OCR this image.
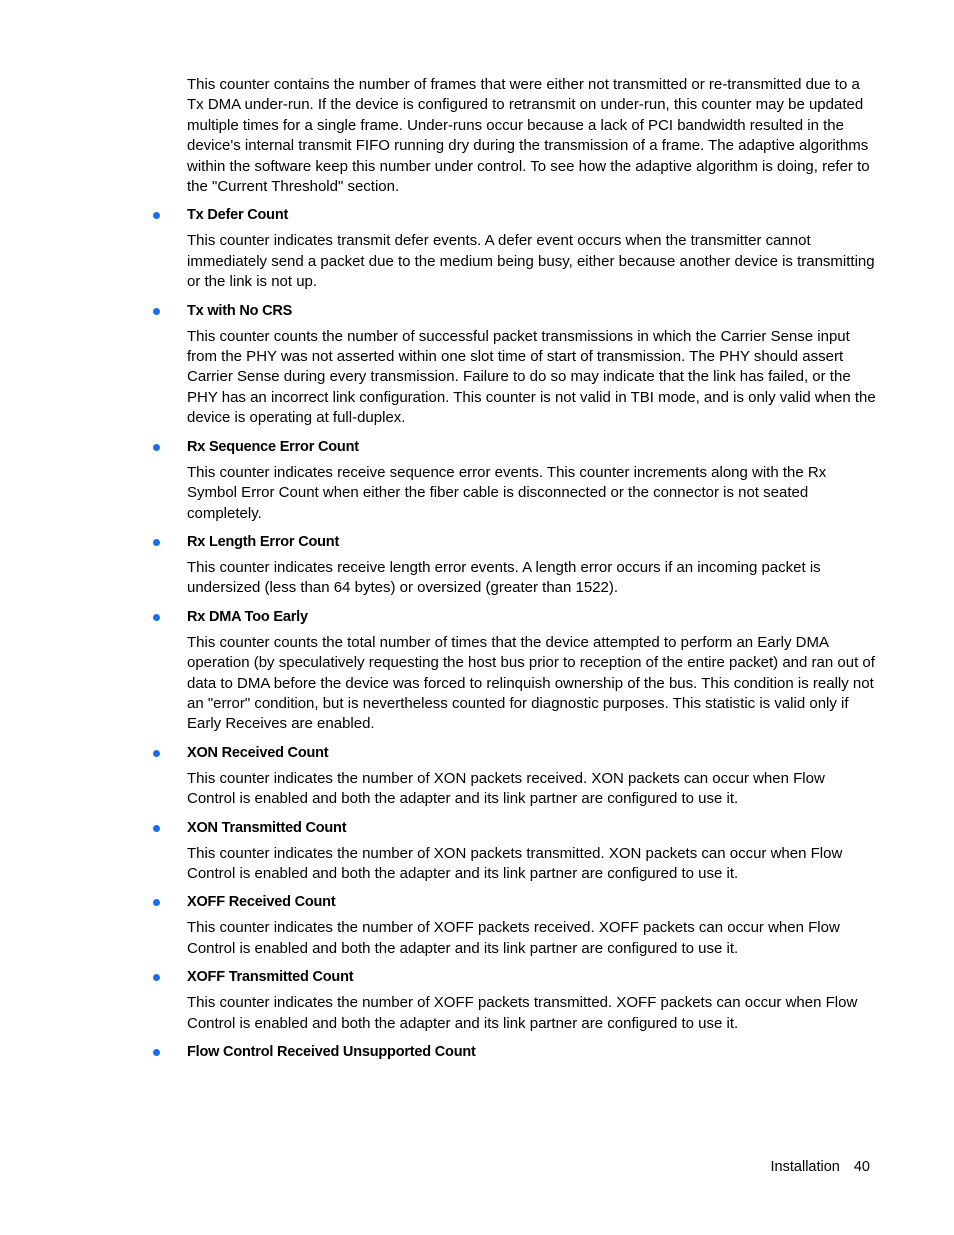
This counter contains the number of frames that were either not transmitted or re-transmitted due to a Tx DMA under-run. If the device is configured to retransmit on under-run, this counter may be updated multiple times for a single frame. Under-runs occur because a lack of PCI bandwidth resulted in the device's internal transmit FIFO running dry during the transmission of a frame. The adaptive algorithms within the software keep this number under control. To see how the adaptive algorithm is doing, refer to the "Current Threshold" section.

Tx Defer Count

This counter indicates transmit defer events. A defer event occurs when the transmitter cannot immediately send a packet due to the medium being busy, either because another device is transmitting or the link is not up.

Tx with No CRS

This counter counts the number of successful packet transmissions in which the Carrier Sense input from the PHY was not asserted within one slot time of start of transmission. The PHY should assert Carrier Sense during every transmission. Failure to do so may indicate that the link has failed, or the PHY has an incorrect link configuration. This counter is not valid in TBI mode, and is only valid when the device is operating at full-duplex.

Rx Sequence Error Count

This counter indicates receive sequence error events. This counter increments along with the Rx Symbol Error Count when either the fiber cable is disconnected or the connector is not seated completely.

Rx Length Error Count

This counter indicates receive length error events. A length error occurs if an incoming packet is undersized (less than 64 bytes) or oversized (greater than 1522).

Rx DMA Too Early

This counter counts the total number of times that the device attempted to perform an Early DMA operation (by speculatively requesting the host bus prior to reception of the entire packet) and ran out of data to DMA before the device was forced to relinquish ownership of the bus. This condition is really not an "error" condition, but is nevertheless counted for diagnostic purposes. This statistic is valid only if Early Receives are enabled.

XON Received Count

This counter indicates the number of XON packets received. XON packets can occur when Flow Control is enabled and both the adapter and its link partner are configured to use it.

XON Transmitted Count

This counter indicates the number of XON packets transmitted. XON packets can occur when Flow Control is enabled and both the adapter and its link partner are configured to use it.

XOFF Received Count

This counter indicates the number of XOFF packets received. XOFF packets can occur when Flow Control is enabled and both the adapter and its link partner are configured to use it.

XOFF Transmitted Count

This counter indicates the number of XOFF packets transmitted. XOFF packets can occur when Flow Control is enabled and both the adapter and its link partner are configured to use it.

Flow Control Received Unsupported Count
Installation 40
